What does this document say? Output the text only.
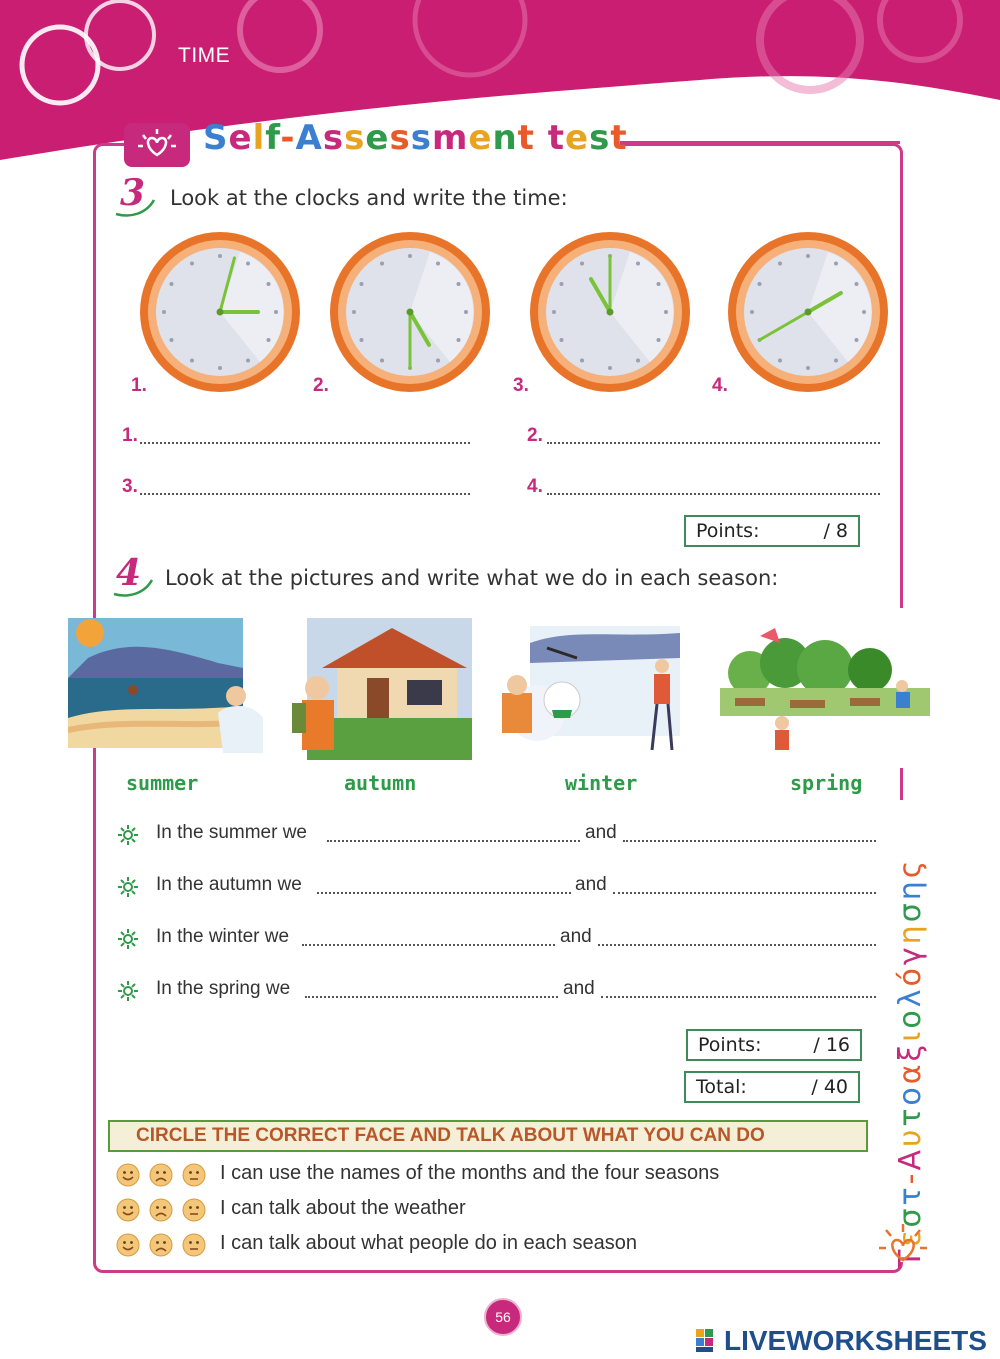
TIME
Self-Assessment test
3 Look at the clocks and write the time:
1.	2.	3.	4.
1.	2.
3.	4.
Points:	/ 8
4 Look at the pictures and write what we do in each season:
summer	autumn	winter	spring
In the summer we	and
In the autumn we	and
In the winter we	and
In the spring we	and
Points:	/ 16
Total:	/ 40
CIRCLE THE CORRECT FACE AND TALK ABOUT WHAT YOU CAN DO
I can use the names of the months and the four seasons
I can talk about the weather
I can talk about what people do in each season
Τεστ-Αυτοαξιολόγησης
56
LIVEWORKSHEETS
